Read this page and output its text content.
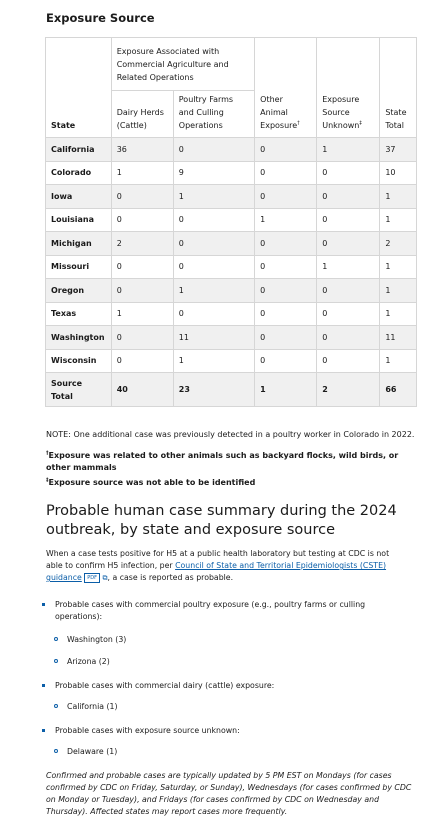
Exposure Source
State	Exposure Associated with Commercial Agriculture and Related Operations		Other Animal Exposure†	Exposure Source Unknown‡	State Total
	Dairy Herds (Cattle)	Poultry Farms and Culling Operations			
California	36	0	0	1	37
Colorado	1	9	0	0	10
Iowa	0	1	0	0	1
Louisiana	0	0	1	0	1
Michigan	2	0	0	0	2
Missouri	0	0	0	1	1
Oregon	0	1	0	0	1
Texas	1	0	0	0	1
Washington	0	11	0	0	11
Wisconsin	0	1	0	0	1
Source Total	40	23	1	2	66
NOTE: One additional case was previously detected in a poultry worker in Colorado in 2022.
†Exposure was related to other animals such as backyard flocks, wild birds, or other mammals
‡Exposure source was not able to be identified
Probable human case summary during the 2024 outbreak, by state and exposure source

When a case tests positive for H5 at a public health laboratory but testing at CDC is not able to confirm H5 infection, per Council of State and Territorial Epidemiologists (CSTE) guidance PDF ⧉, a case is reported as probable.

Probable cases with commercial poultry exposure (e.g., poultry farms or culling operations):
Washington (3)
Arizona (2)
Probable cases with commercial dairy (cattle) exposure:
California (1)
Probable cases with exposure source unknown:
Delaware (1)

Confirmed and probable cases are typically updated by 5 PM EST on Mondays (for cases confirmed by CDC on Friday, Saturday, or Sunday), Wednesdays (for cases confirmed by CDC on Monday or Tuesday), and Fridays (for cases confirmed by CDC on Wednesday and Thursday). Affected states may report cases more frequently.
